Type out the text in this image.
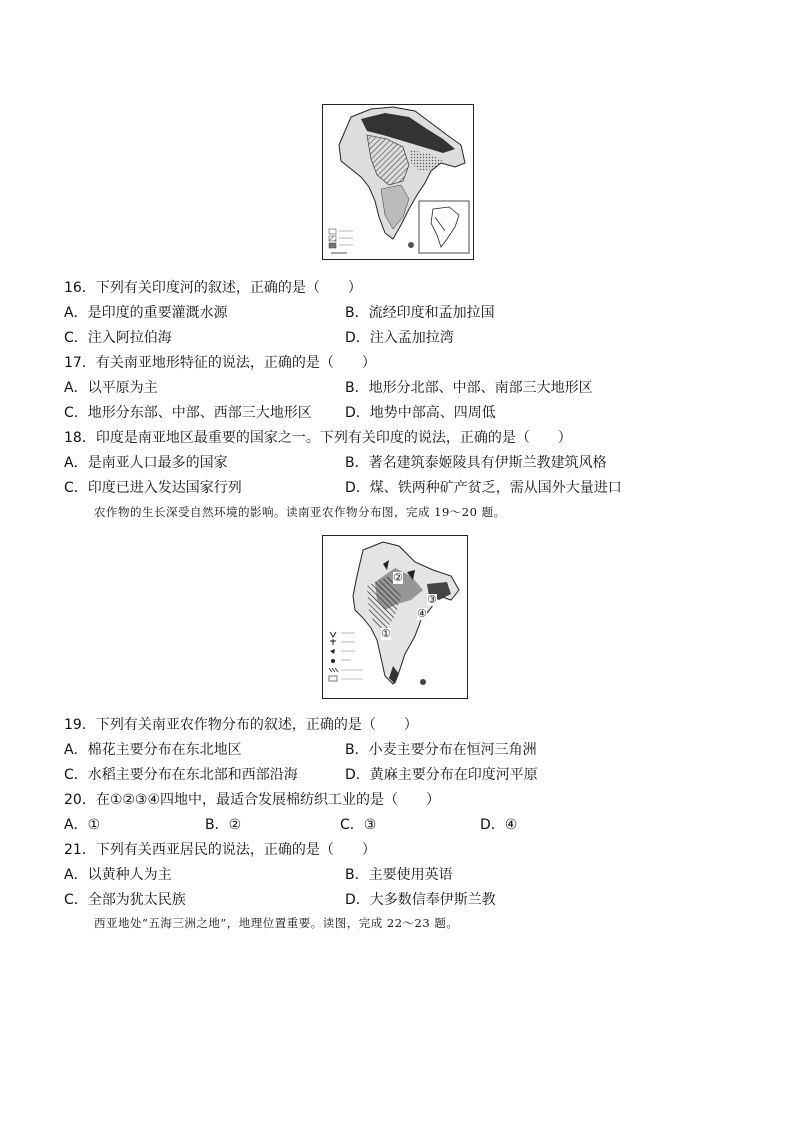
16．下列有关印度河的叙述，正确的是（　　）
A．是印度的重要灌溉水源	B．流经印度和孟加拉国
C．注入阿拉伯海	D．注入孟加拉湾
17．有关南亚地形特征的说法，正确的是（　　）
A．以平原为主	B．地形分北部、中部、南部三大地形区
C．地形分东部、中部、西部三大地形区 D．地势中部高、四周低
18．印度是南亚地区最重要的国家之一。下列有关印度的说法，正确的是（　　）
A．是南亚人口最多的国家	B．著名建筑泰姬陵具有伊斯兰教建筑风格
C．印度已进入发达国家行列	D．煤、铁两种矿产贫乏，需从国外大量进口
农作物的生长深受自然环境的影响。读南亚农作物分布图，完成 19～20 题。
①
②
③
④
19．下列有关南亚农作物分布的叙述，正确的是（　　）
A．棉花主要分布在东北地区	B．小麦主要分布在恒河三角洲
C．水稻主要分布在东北部和西部沿海	D．黄麻主要分布在印度河平原
20．在①②③④四地中，最适合发展棉纺织工业的是（　　）
A．①	B．②	C．③	D．④
21．下列有关西亚居民的说法，正确的是（　　）
A．以黄种人为主	B．主要使用英语
C．全部为犹太民族	D．大多数信奉伊斯兰教
西亚地处“五海三洲之地”，地理位置重要。读图，完成 22～23 题。
